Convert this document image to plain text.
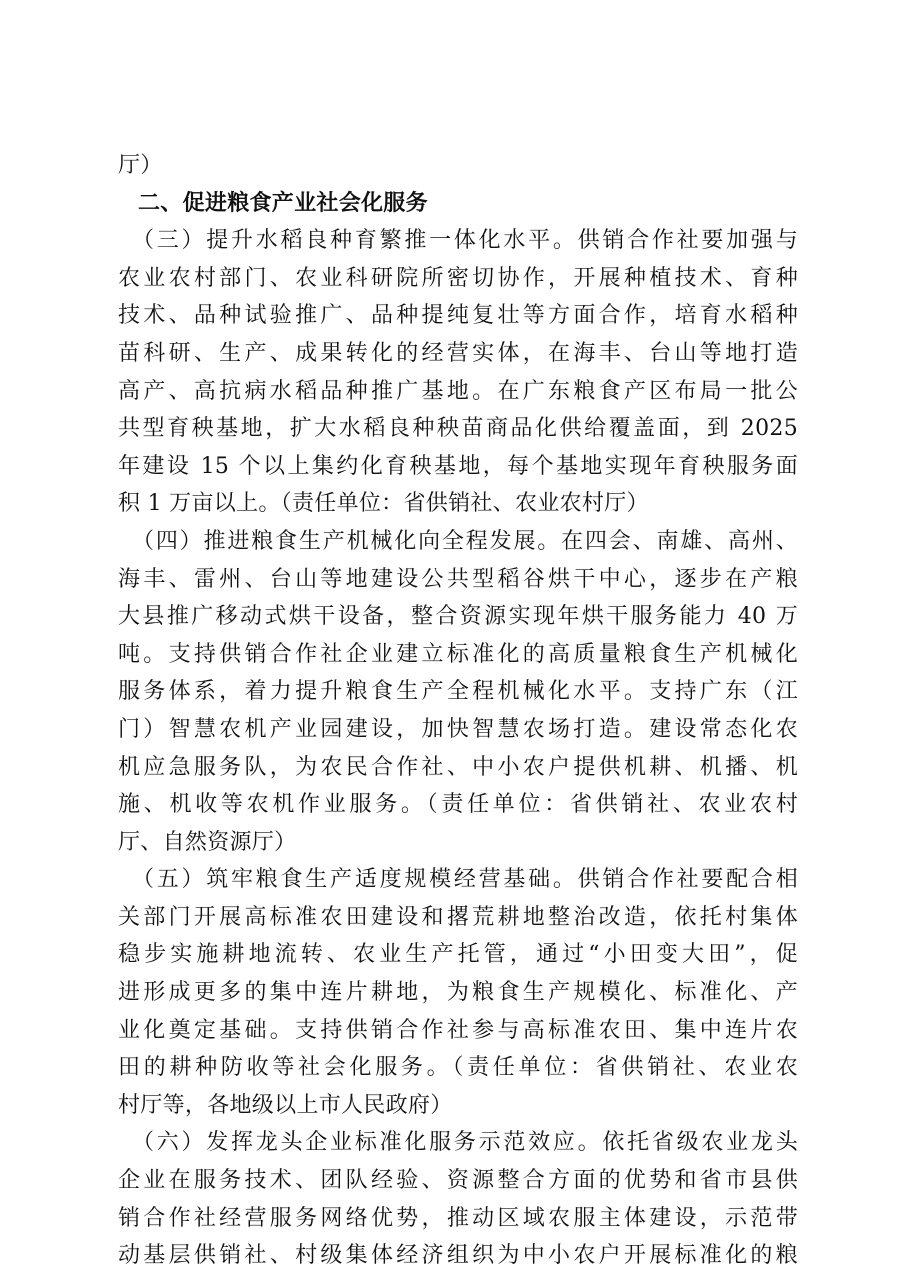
厅）
二、促进粮食产业社会化服务
（三）提升水稻良种育繁推一体化水平。供销合作社要加强与
农业农村部门、农业科研院所密切协作，开展种植技术、育种
技术、品种试验推广、品种提纯复壮等方面合作，培育水稻种
苗科研、生产、成果转化的经营实体，在海丰、台山等地打造
高产、高抗病水稻品种推广基地。在广东粮食产区布局一批公
共型育秧基地，扩大水稻良种秧苗商品化供给覆盖面，到 2025
年建设 15 个以上集约化育秧基地，每个基地实现年育秧服务面
积 1 万亩以上。（责任单位：省供销社、农业农村厅）
（四）推进粮食生产机械化向全程发展。在四会、南雄、高州、
海丰、雷州、台山等地建设公共型稻谷烘干中心，逐步在产粮
大县推广移动式烘干设备，整合资源实现年烘干服务能力 40 万
吨。支持供销合作社企业建立标准化的高质量粮食生产机械化
服务体系，着力提升粮食生产全程机械化水平。支持广东（江
门）智慧农机产业园建设，加快智慧农场打造。建设常态化农
机应急服务队，为农民合作社、中小农户提供机耕、机播、机
施、机收等农机作业服务。（责任单位：省供销社、农业农村
厅、自然资源厅）
（五）筑牢粮食生产适度规模经营基础。供销合作社要配合相
关部门开展高标准农田建设和撂荒耕地整治改造，依托村集体
稳步实施耕地流转、农业生产托管，通过“小田变大田”，促
进形成更多的集中连片耕地，为粮食生产规模化、标准化、产
业化奠定基础。支持供销合作社参与高标准农田、集中连片农
田的耕种防收等社会化服务。（责任单位：省供销社、农业农
村厅等，各地级以上市人民政府）
（六）发挥龙头企业标准化服务示范效应。依托省级农业龙头
企业在服务技术、团队经验、资源整合方面的优势和省市县供
销合作社经营服务网络优势，推动区域农服主体建设，示范带
动基层供销社、村级集体经济组织为中小农户开展标准化的粮
